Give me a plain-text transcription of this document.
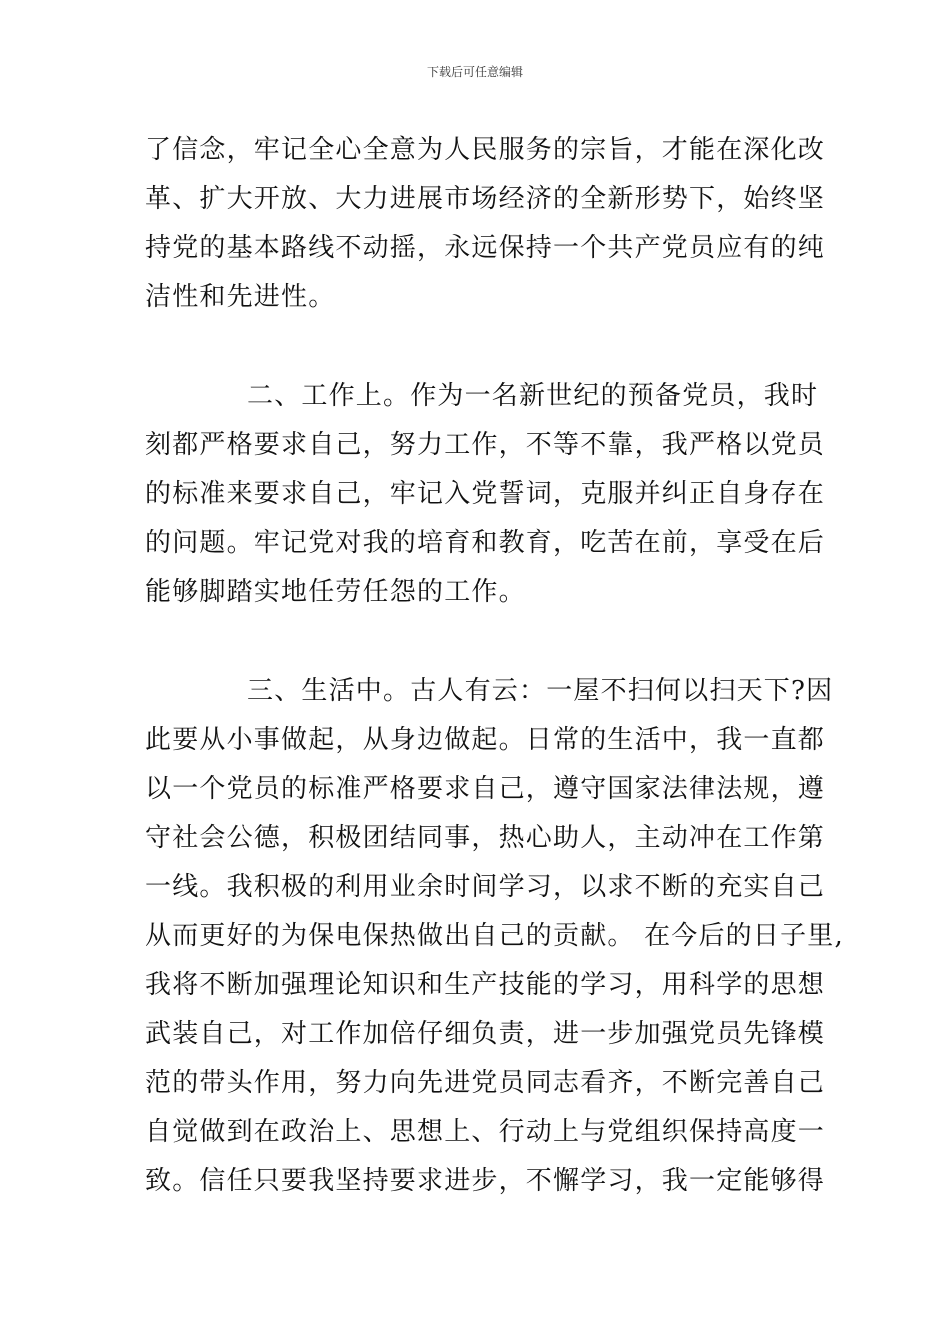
下载后可任意编辑
了信念，牢记全心全意为人民服务的宗旨，才能在深化改
革、扩大开放、大力进展市场经济的全新形势下，始终坚
持党的基本路线不动摇，永远保持一个共产党员应有的纯
洁性和先进性。
二、工作上。作为一名新世纪的预备党员，我时
刻都严格要求自己，努力工作，不等不靠，我严格以党员
的标准来要求自己，牢记入党誓词，克服并纠正自身存在
的问题。牢记党对我的培育和教育，吃苦在前，享受在后
能够脚踏实地任劳任怨的工作。
三、生活中。古人有云：一屋不扫何以扫天下?因
此要从小事做起，从身边做起。日常的生活中，我一直都
以一个党员的标准严格要求自己，遵守国家法律法规，遵
守社会公德，积极团结同事，热心助人，主动冲在工作第
一线。我积极的利用业余时间学习，以求不断的充实自己
从而更好的为保电保热做出自己的贡献。 在今后的日子里,
我将不断加强理论知识和生产技能的学习，用科学的思想
武装自己，对工作加倍仔细负责，进一步加强党员先锋模
范的带头作用，努力向先进党员同志看齐，不断完善自己
自觉做到在政治上、思想上、行动上与党组织保持高度一
致。信任只要我坚持要求进步，不懈学习，我一定能够得
